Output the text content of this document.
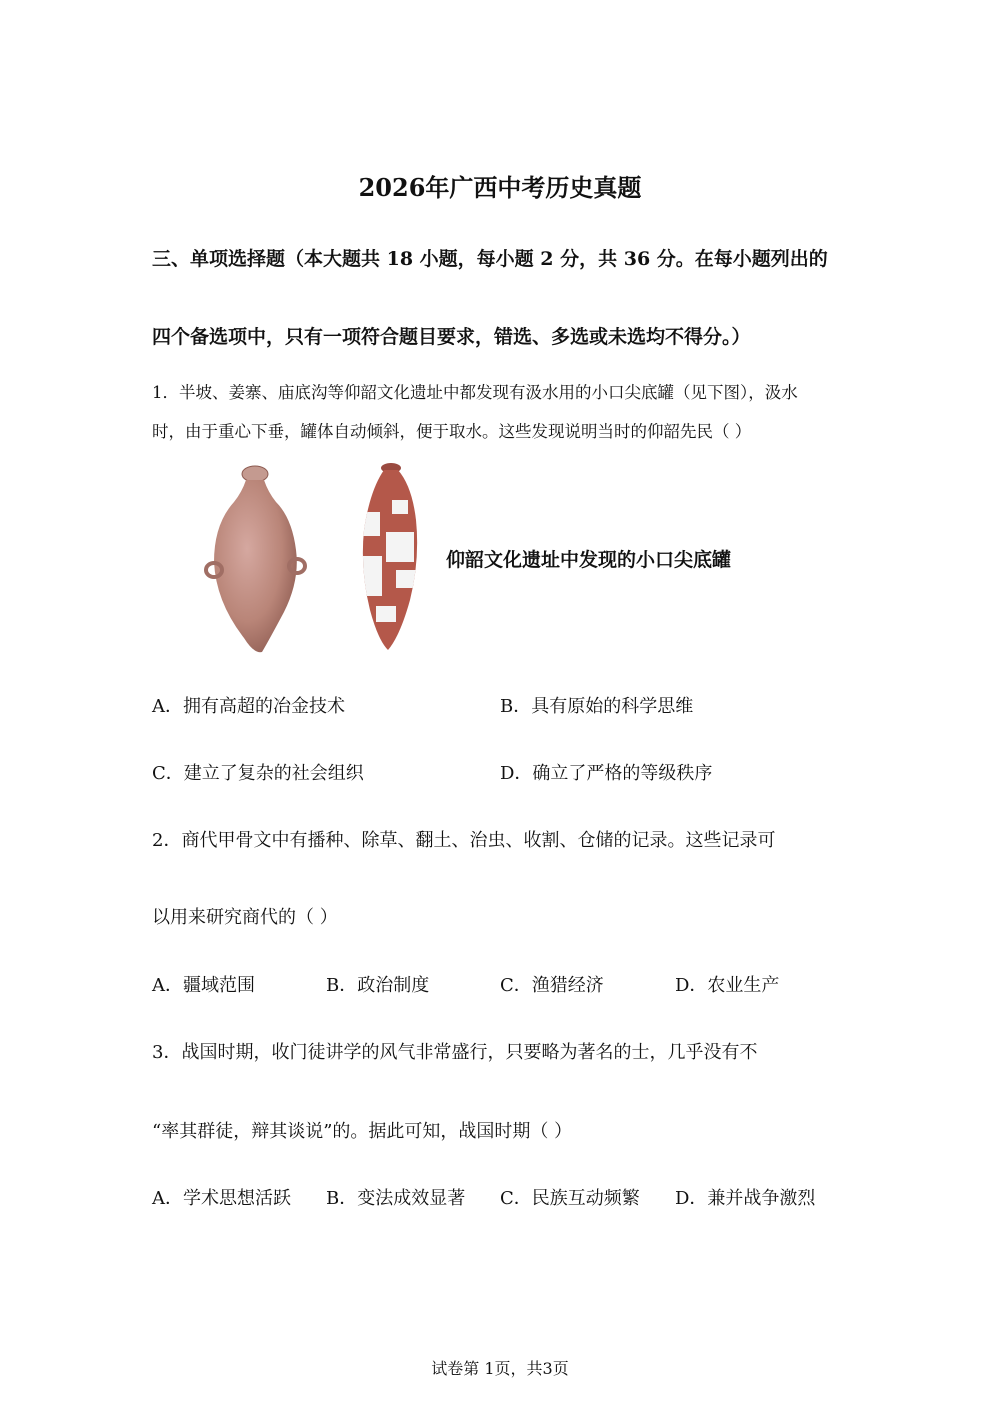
2026年广西中考历史真题
三、单项选择题（本大题共 18 小题，每小题 2 分，共 36 分。在每小题列出的
四个备选项中，只有一项符合题目要求，错选、多选或未选均不得分。）
1．半坡、姜寨、庙底沟等仰韶文化遗址中都发现有汲水用的小口尖底罐（见下图），汲水
时，由于重心下垂，罐体自动倾斜，便于取水。这些发现说明当时的仰韶先民（ ）
仰韶文化遗址中发现的小口尖底罐
A．拥有高超的冶金技术	B．具有原始的科学思维
C．建立了复杂的社会组织	D．确立了严格的等级秩序
2．商代甲骨文中有播种、除草、翻土、治虫、收割、仓储的记录。这些记录可
以用来研究商代的（ ）
A．疆域范围	B．政治制度	C．渔猎经济	D．农业生产
3．战国时期，收门徒讲学的风气非常盛行，只要略为著名的士，几乎没有不
“率其群徒，辩其谈说”的。据此可知，战国时期（ ）
A．学术思想活跃 B．变法成效显著 C．民族互动频繁 D．兼并战争激烈
试卷第 1页，共3页
